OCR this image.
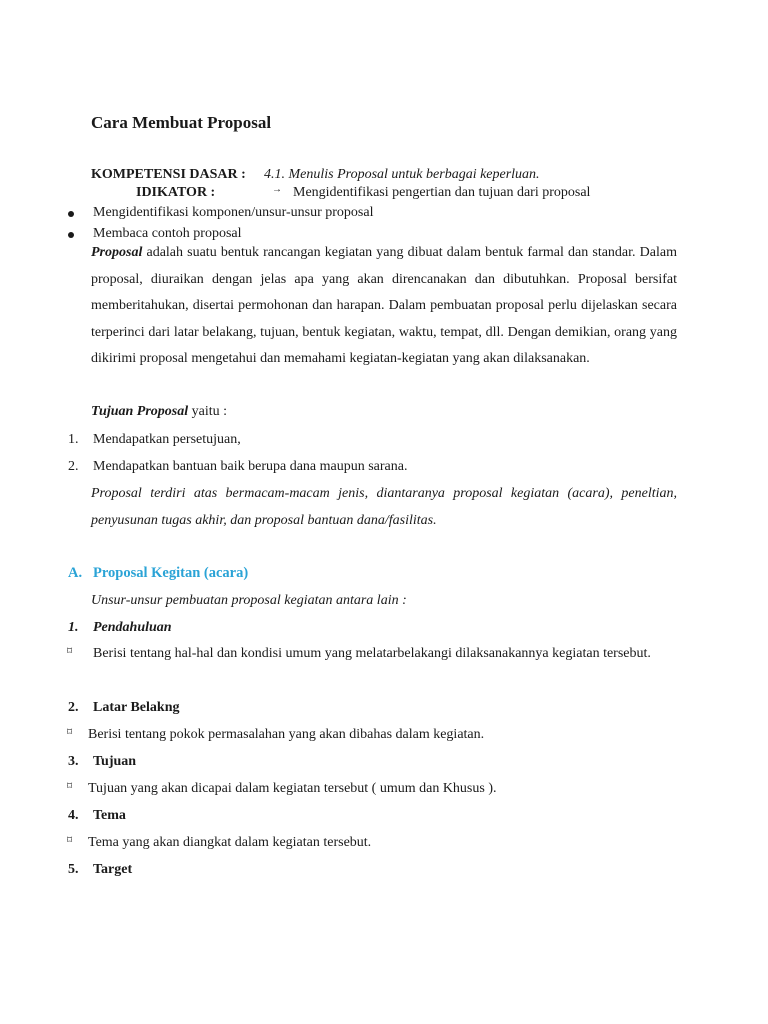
Cara Membuat Proposal
KOMPETENSI DASAR : 4.1. Menulis Proposal untuk berbagai keperluan.
IDIKATOR :	→ Mengidentifikasi pengertian dan tujuan dari proposal
Mengidentifikasi komponen/unsur-unsur proposal
Membaca contoh proposal
Proposal adalah suatu bentuk rancangan kegiatan yang dibuat dalam bentuk farmal dan standar. Dalam proposal, diuraikan dengan jelas apa yang akan direncanakan dan dibutuhkan. Proposal bersifat memberitahukan, disertai permohonan dan harapan. Dalam pembuatan proposal perlu dijelaskan secara terperinci dari latar belakang, tujuan, bentuk kegiatan, waktu, tempat, dll. Dengan demikian, orang yang dikirimi proposal mengetahui dan memahami kegiatan-kegiatan yang akan dilaksanakan.
Tujuan Proposal yaitu :
1. Mendapatkan persetujuan,
2. Mendapatkan bantuan baik berupa dana maupun sarana.
Proposal terdiri atas bermacam-macam jenis, diantaranya proposal kegiatan (acara), peneltian, penyusunan tugas akhir, dan proposal bantuan dana/fasilitas.
A. Proposal Kegitan (acara)
Unsur-unsur pembuatan proposal kegiatan antara lain :
1. Pendahuluan
⌑ Berisi tentang hal-hal dan kondisi umum yang melatarbelakangi dilaksanakannya kegiatan tersebut.
2. Latar Belakng
⌑ Berisi tentang pokok permasalahan yang akan dibahas dalam kegiatan.
3. Tujuan
⌑ Tujuan yang akan dicapai dalam kegiatan tersebut ( umum dan Khusus ).
4. Tema
⌑ Tema yang akan diangkat dalam kegiatan tersebut.
5. Target
